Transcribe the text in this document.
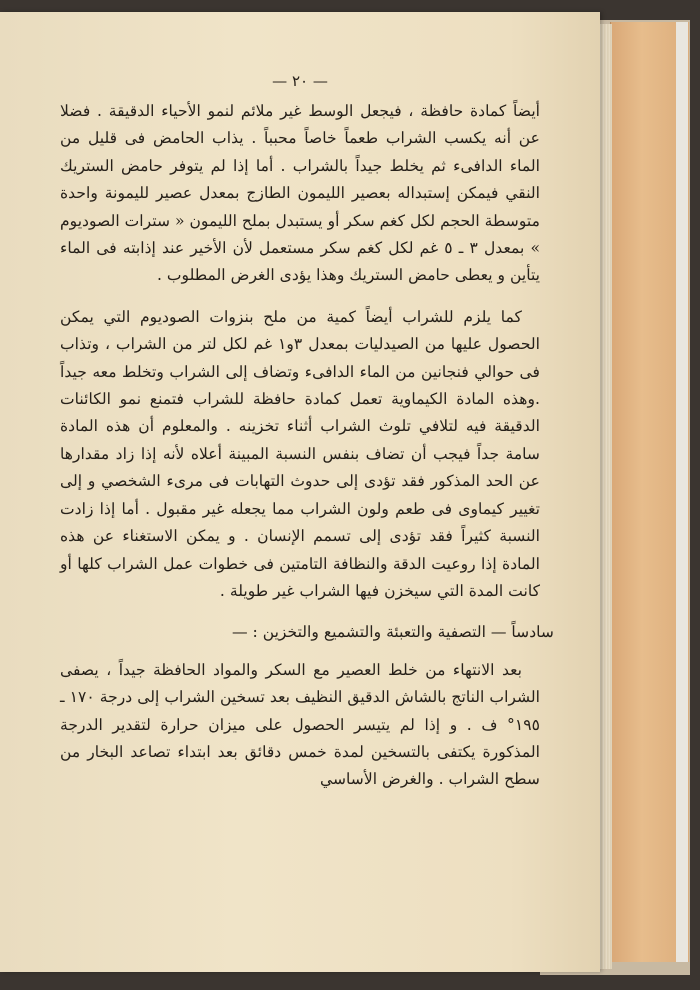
— ٢٠ —

أيضاً كمادة حافظة ، فيجعل الوسط غير ملائم لنمو الأحياء الدقيقة . فضلا عن أنه يكسب الشراب طعماً خاصاً محبباً . يذاب الحامض فى قليل من الماء الدافىء ثم يخلط جيداً بالشراب . أما إذا لم يتوفر حامض الستريك النقي فيمكن إستبداله بعصير الليمون الطازج بمعدل عصير لليمونة واحدة متوسطة الحجم لكل كغم سكر أو يستبدل بملح الليمون « سترات الصوديوم » بمعدل ٣ ـ ٥ غم لكل كغم سكر مستعمل لأن الأخير عند إذابته فى الماء يتأين و يعطى حامض الستريك وهذا يؤدى الغرض المطلوب .

كما يلزم للشراب أيضاً كمية من ملح بنزوات الصوديوم التي يمكن الحصول عليها من الصيدليات بمعدل ٣و١ غم لكل لتر من الشراب ، وتذاب فى حوالي فنجانين من الماء الدافىء وتضاف إلى الشراب وتخلط معه جيداً .وهذه المادة الكيماوية تعمل كمادة حافظة للشراب فتمنع نمو الكائنات الدقيقة فيه لتلافي تلوث الشراب أثناء تخزينه . والمعلوم أن هذه المادة سامة جداً فيجب أن تضاف بنفس النسبة المبينة أعلاه لأنه إذا زاد مقدارها عن الحد المذكور فقد تؤدى إلى حدوث التهابات فى مرىء الشخصي و إلى تغيير كيماوى فى طعم ولون الشراب مما يجعله غير مقبول . أما إذا زادت النسبة كثيراً فقد تؤدى إلى تسمم الإنسان . و يمكن الاستغناء عن هذه المادة إذا روعيت الدقة والنظافة التامتين فى خطوات عمل الشراب كلها أو كانت المدة التي سيخزن فيها الشراب غير طويلة .

سادساً — التصفية والتعبئة والتشميع والتخزين : —

بعد الانتهاء من خلط العصير مع السكر والمواد الحافظة جيداً ، يصفى الشراب الناتج بالشاش الدقيق النظيف بعد تسخين الشراب إلى درجة ١٧٠ ـ ١٩٥° ف . و إذا لم يتيسر الحصول على ميزان حرارة لتقدير الدرجة المذكورة يكتفى بالتسخين لمدة خمس دقائق بعد ابتداء تصاعد البخار من سطح الشراب . والغرض الأساسي
